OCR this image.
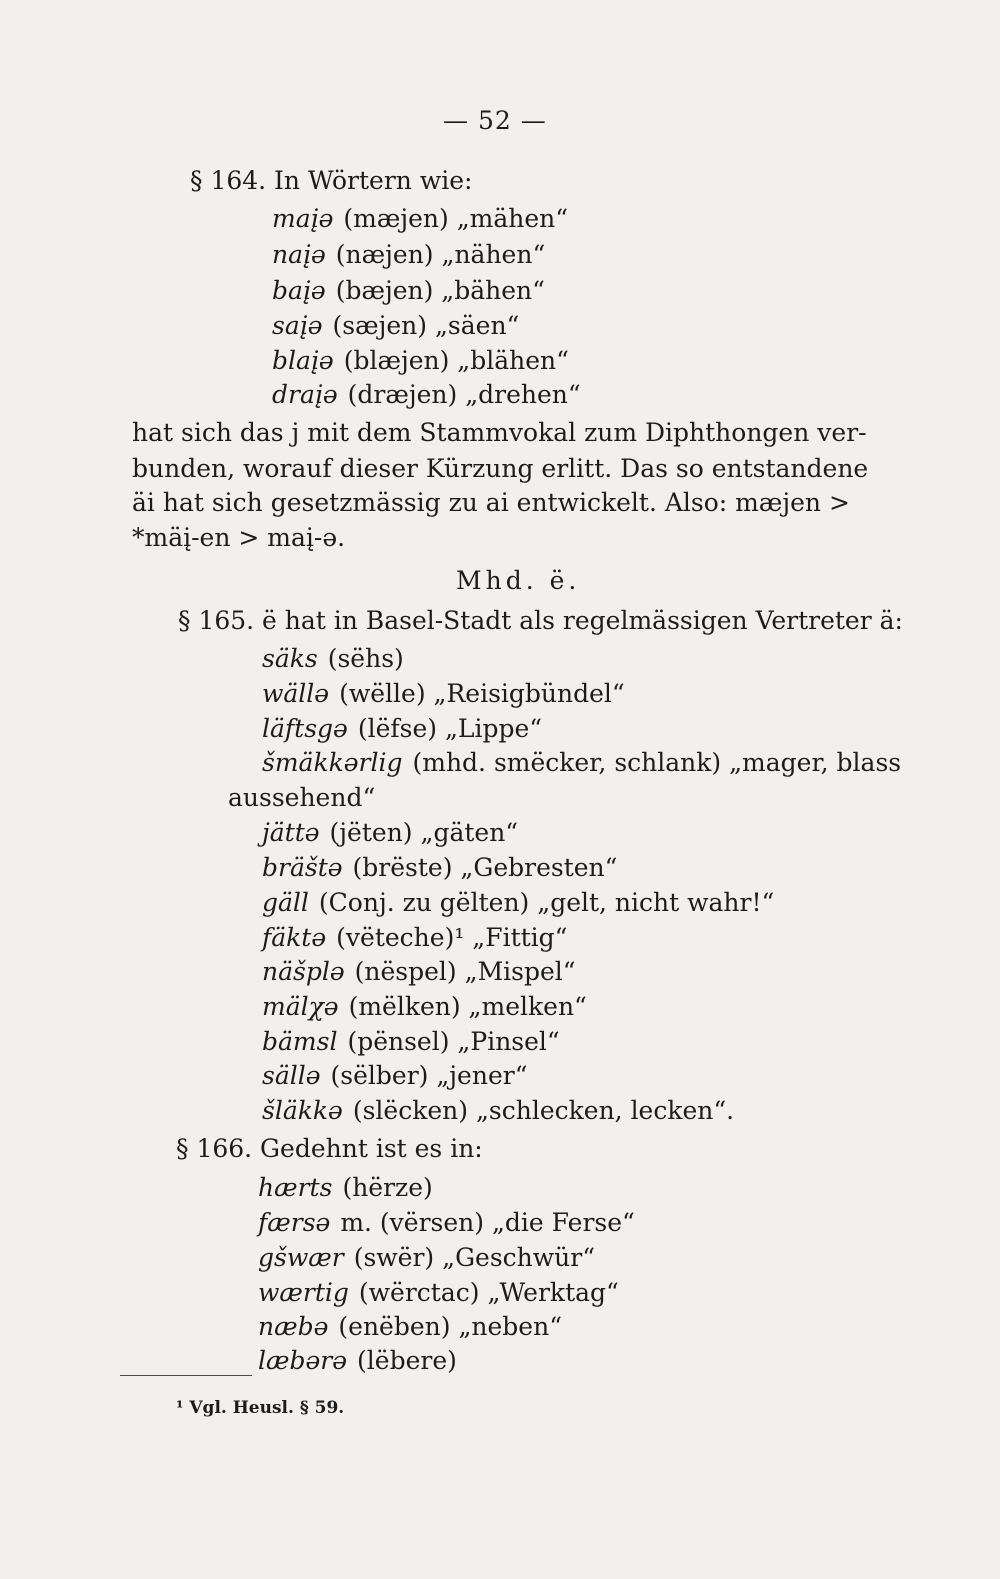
— 52 —
§ 164. In Wörtern wie:
maįə (mæjen) „mähen“
naįə (næjen) „nähen“
baįə (bæjen) „bähen“
saįə (sæjen) „säen“
blaįə (blæjen) „blähen“
draįə (dræjen) „drehen“
hat sich das j mit dem Stammvokal zum Diphthongen ver-
bunden, worauf dieser Kürzung erlitt. Das so entstandene
äi hat sich gesetzmässig zu ai entwickelt. Also: mæjen >
*mäį-en > maį-ə.
Mhd. ë.
§ 165. ë hat in Basel-Stadt als regelmässigen Vertreter ä:
säks (sëhs)
wällə (wëlle) „Reisigbündel“
läftsgə (lëfse) „Lippe“
šmäkkərlig (mhd. smëcker, schlank) „mager, blass
aussehend“
jättə (jëten) „gäten“
bräštə (brëste) „Gebresten“
gäll (Conj. zu gëlten) „gelt, nicht wahr!“
fäktə (vëteche)¹ „Fittig“
näšplə (nëspel) „Mispel“
mälχə (mëlken) „melken“
bämsl (pënsel) „Pinsel“
sällə (sëlber) „jener“
šläkkə (slëcken) „schlecken, lecken“.
§ 166. Gedehnt ist es in:
hærts (hërze)
færsə m. (vërsen) „die Ferse“
gšwær (swër) „Geschwür“
wærtig (wërctac) „Werktag“
næbə (enëben) „neben“
læbərə (lëbere)
¹ Vgl. Heusl. § 59.
